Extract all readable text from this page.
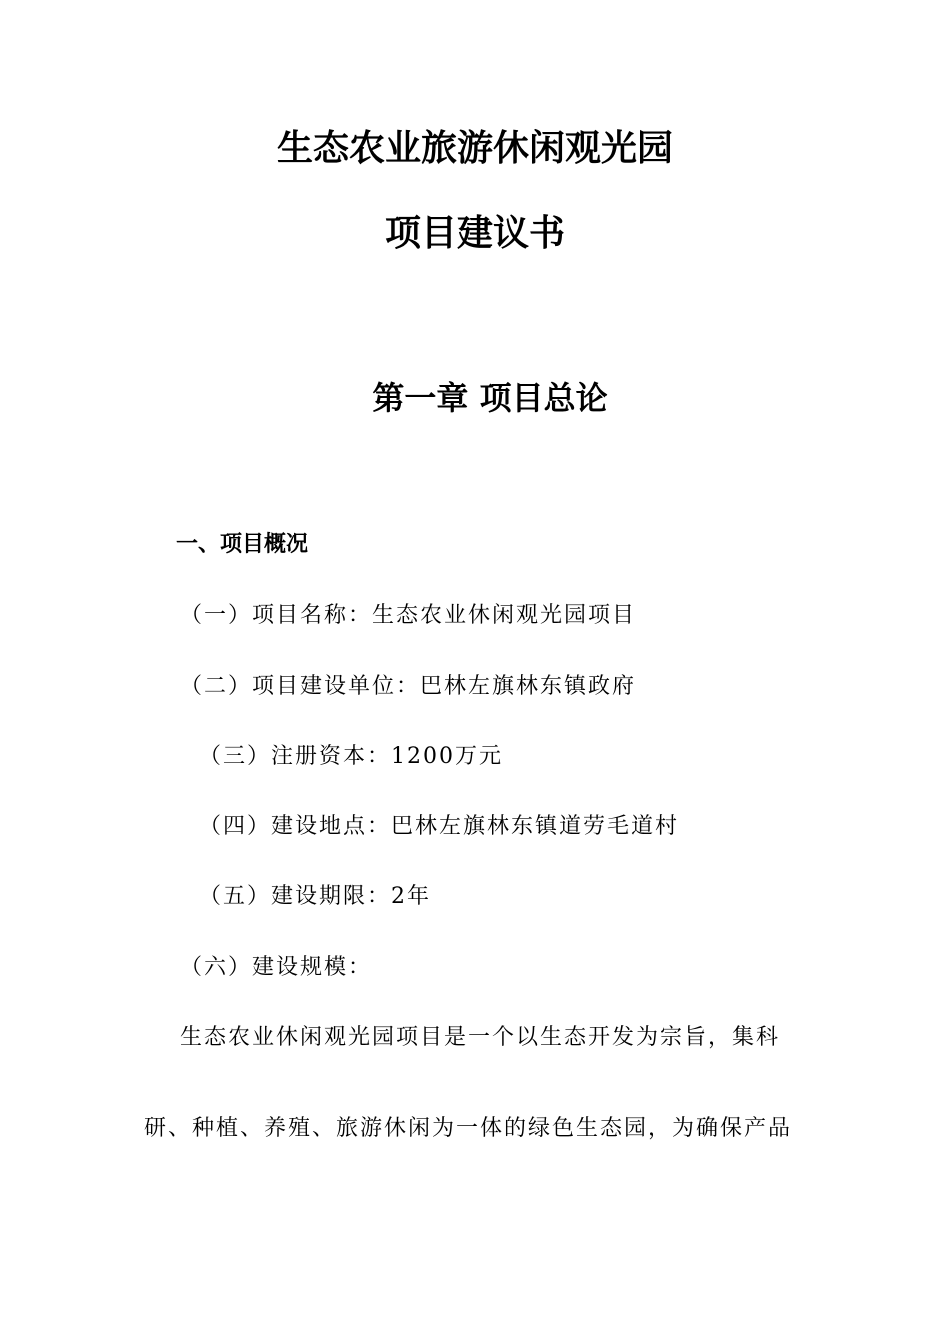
生态农业旅游休闲观光园
项目建议书
第一章 项目总论
一、项目概况
（一）项目名称：生态农业休闲观光园项目
（二）项目建设单位：巴林左旗林东镇政府
（三）注册资本：1200万元
（四）建设地点：巴林左旗林东镇道劳毛道村
（五）建设期限：2年
（六）建设规模：
生态农业休闲观光园项目是一个以生态开发为宗旨，集科
研、种植、养殖、旅游休闲为一体的绿色生态园，为确保产品
